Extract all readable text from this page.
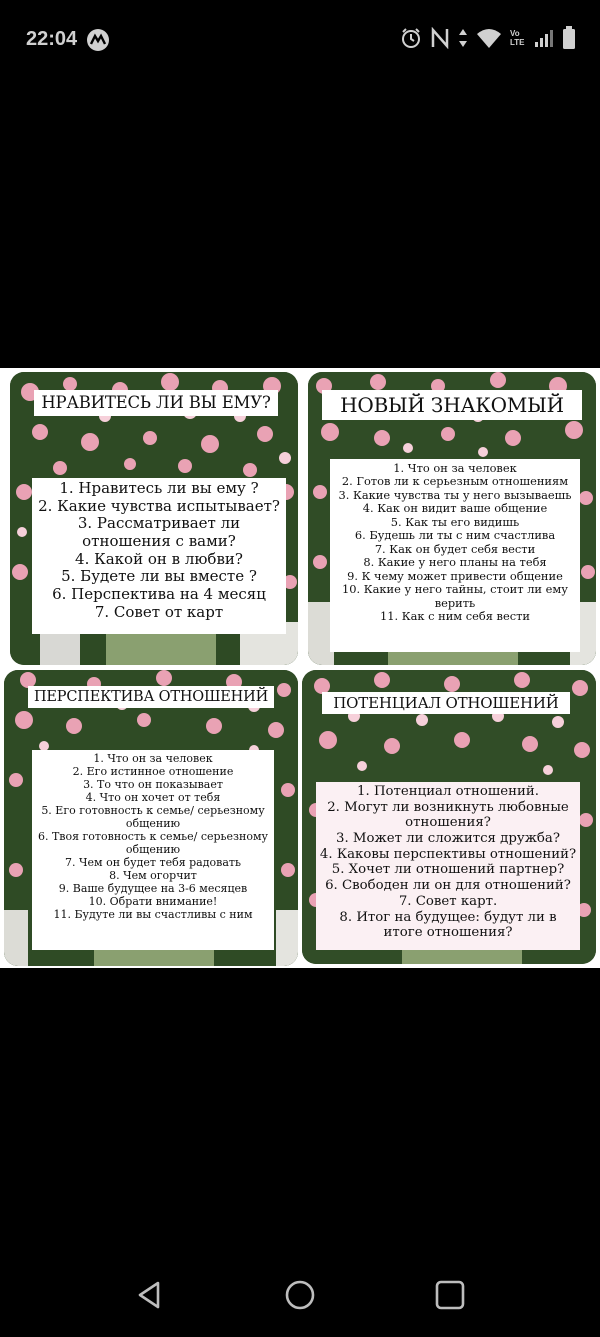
22:04	Vo LTE
НРАВИТЕСЬ ЛИ ВЫ ЕМУ?
1. Нравитесь ли вы ему ?
2. Какие чувства испытывает?
3. Рассматривает ли отношения с вами?
4. Какой он в любви?
5. Будете ли вы вместе ?
6. Перспектива на 4 месяц
7. Совет от карт
НОВЫЙ ЗНАКОМЫЙ
1. Что он за человек
2. Готов ли к серьезным отношениям
3. Какие чувства ты у него вызываешь
4. Как он видит ваше общение
5. Как ты его видишь
6. Будешь ли ты с ним счастлива
7. Как он будет себя вести
8. Какие у него планы на тебя
9. К чему может привести общение
10. Какие у него тайны, стоит ли ему верить
11. Как с ним себя вести
ПЕРСПЕКТИВА ОТНОШЕНИЙ
1. Что он за человек
2. Его истинное отношение
3. То что он показывает
4. Что он хочет от тебя
5. Его готовность к семье/ серьезному общению
6. Твоя готовность к семье/ серьезному общению
7. Чем он будет тебя радовать
8. Чем огорчит
9. Ваше будущее на 3-6 месяцев
10. Обрати внимание!
11. Будуте ли вы счастливы с ним
ПОТЕНЦИАЛ ОТНОШЕНИЙ
1. Потенциал отношений.
2. Могут ли возникнуть любовные отношения?
3. Может ли сложится дружба?
4. Каковы перспективы отношений?
5. Хочет ли отношений партнер?
6. Свободен ли он для отношений?
7. Совет карт.
8. Итог на будущее: будут ли в итоге отношения?
